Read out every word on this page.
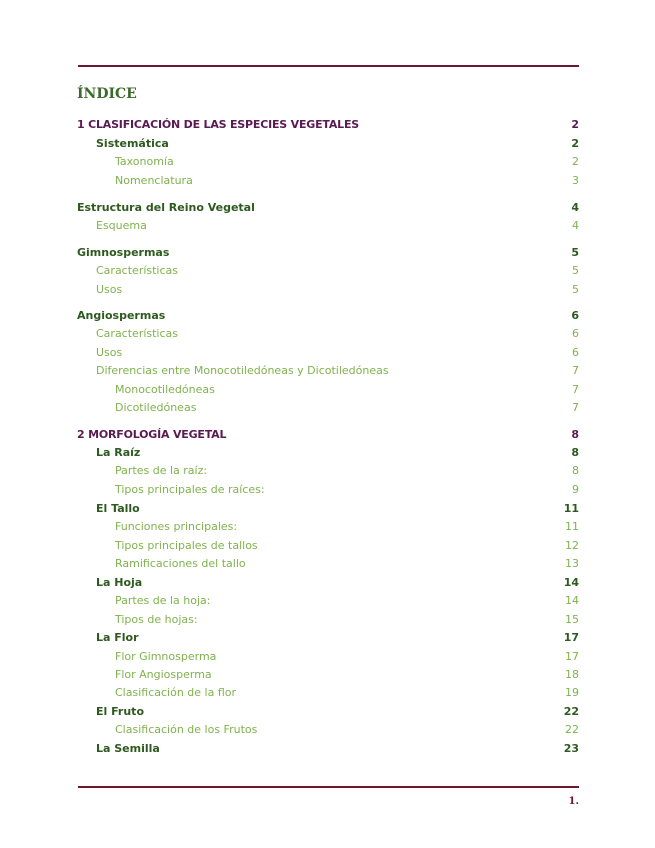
ÍNDICE
1 CLASIFICACIÓN DE LAS ESPECIES VEGETALES	2
Sistemática	2
Taxonomía	2
Nomenclatura	3
Estructura del Reino Vegetal	4
Esquema	4
Gimnospermas	5
Características	5
Usos	5
Angiospermas	6
Características	6
Usos	6
Diferencias entre Monocotiledóneas y Dicotiledóneas	7
Monocotiledóneas	7
Dicotiledóneas	7
2 MORFOLOGÍA VEGETAL	8
La Raíz	8
Partes de la raíz:	8
Tipos principales de raíces:	9
El Tallo	11
Funciones principales:	11
Tipos principales de tallos	12
Ramificaciones del tallo	13
La Hoja	14
Partes de la hoja:	14
Tipos de hojas:	15
La Flor	17
Flor Gimnosperma	17
Flor Angiosperma	18
Clasificación de la flor	19
El Fruto	22
Clasificación de los Frutos	22
La Semilla	23
1.
